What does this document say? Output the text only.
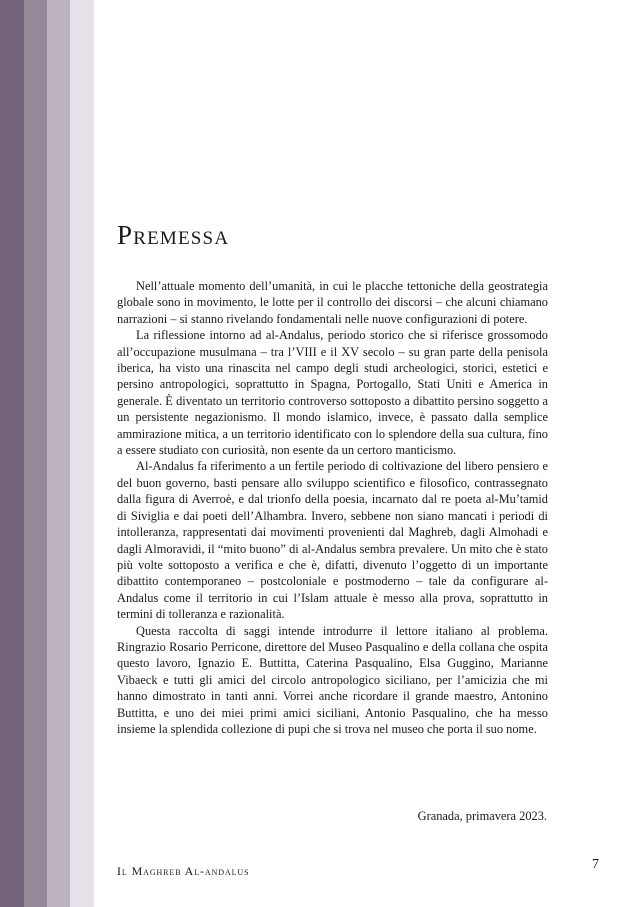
Premessa

Nell’attuale momento dell’umanità, in cui le placche tettoniche della geostrategia globale sono in movimento, le lotte per il controllo dei discorsi – che alcuni chiamano narrazioni – si stanno rivelando fondamentali nelle nuove configurazioni di potere.

La riflessione intorno ad al-Andalus, periodo storico che si riferisce grossomodo all’occupazione musulmana – tra l’VIII e il XV secolo – su gran parte della penisola iberica, ha visto una rinascita nel campo degli studi archeologici, storici, estetici e persino antropologici, soprattutto in Spagna, Portogallo, Stati Uniti e America in generale. È diventato un territorio controverso sottoposto a dibattito persino soggetto a un persistente negazionismo. Il mondo islamico, invece, è passato dalla semplice ammirazione mitica, a un territorio identificato con lo splendore della sua cultura, fino a essere studiato con curiosità, non esente da un certoro manticismo.

Al-Andalus fa riferimento a un fertile periodo di coltivazione del libero pensiero e del buon governo, basti pensare allo sviluppo scientifico e filosofico, contrassegnato dalla figura di Averroè, e dal trionfo della poesia, incarnato dal re poeta al-Mu’tamid di Siviglia e dai poeti dell’Alhambra. Invero, sebbene non siano mancati i periodi di intolleranza, rappresentati dai movimenti provenienti dal Maghreb, dagli Almohadi e dagli Almoravidi, il “mito buono” di al-Andalus sembra prevalere. Un mito che è stato più volte sottoposto a verifica e che è, difatti, divenuto l’oggetto di un importante dibattito contemporaneo – postcoloniale e postmoderno – tale da configurare al-Andalus come il territorio in cui l’Islam attuale è messo alla prova, soprattutto in termini di tolleranza e razionalità.

Questa raccolta di saggi intende introdurre il lettore italiano al problema. Ringrazio Rosario Perricone, direttore del Museo Pasqualino e della collana che ospita questo lavoro, Ignazio E. Buttitta, Caterina Pasqualino, Elsa Guggino, Marianne Vibaeck e tutti gli amici del circolo antropologico siciliano, per l’amicizia che mi hanno dimostrato in tanti anni. Vorrei anche ricordare il grande maestro, Antonino Buttitta, e uno dei miei primi amici siciliani, Antonio Pasqualino, che ha messo insieme la splendida collezione di pupi che si trova nel museo che porta il suo nome.

Granada, primavera 2023.
Il Maghreb Al-andalus	7
